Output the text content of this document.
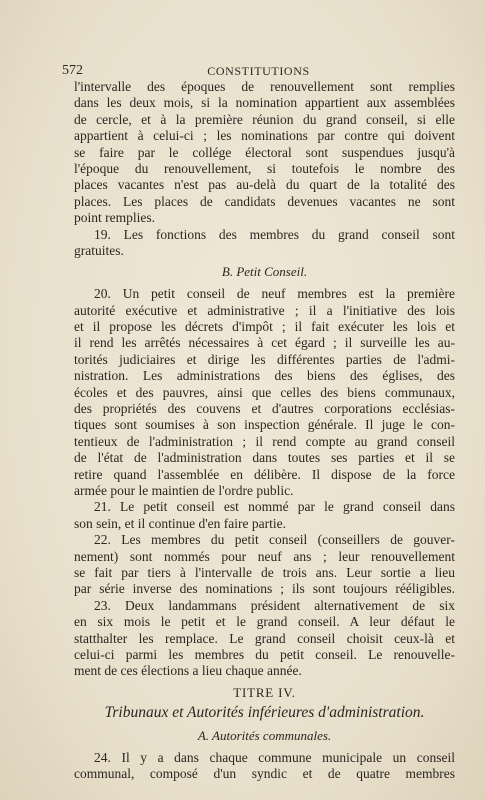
572	CONSTITUTIONS
l'intervalle des époques de renouvellement sont remplies
dans les deux mois, si la nomination appartient aux assemblées
de cercle, et à la première réunion du grand conseil, si elle
appartient à celui-ci ; les nominations par contre qui doivent
se faire par le collége électoral sont suspendues jusqu'à
l'époque du renouvellement, si toutefois le nombre des
places vacantes n'est pas au-delà du quart de la totalité des
places. Les places de candidats devenues vacantes ne sont
point remplies.
19. Les fonctions des membres du grand conseil sont
gratuites.
B. Petit Conseil.
20. Un petit conseil de neuf membres est la première
autorité exécutive et administrative ; il a l'initiative des lois
et il propose les décrets d'impôt ; il fait exécuter les lois et
il rend les arrêtés nécessaires à cet égard ; il surveille les au-
torités judiciaires et dirige les différentes parties de l'admi-
nistration. Les administrations des biens des églises, des
écoles et des pauvres, ainsi que celles des biens communaux,
des propriétés des couvens et d'autres corporations ecclésias-
tiques sont soumises à son inspection générale. Il juge le con-
tentieux de l'administration ; il rend compte au grand conseil
de l'état de l'administration dans toutes ses parties et il se
retire quand l'assemblée en délibère. Il dispose de la force
armée pour le maintien de l'ordre public.
21. Le petit conseil est nommé par le grand conseil dans
son sein, et il continue d'en faire partie.
22. Les membres du petit conseil (conseillers de gouver-
nement) sont nommés pour neuf ans ; leur renouvellement
se fait par tiers à l'intervalle de trois ans. Leur sortie a lieu
par série inverse des nominations ; ils sont toujours rééligibles.
23. Deux landammans président alternativement de six
en six mois le petit et le grand conseil. A leur défaut le
statthalter les remplace. Le grand conseil choisit ceux-là et
celui-ci parmi les membres du petit conseil. Le renouvelle-
ment de ces élections a lieu chaque année.
TITRE IV.
Tribunaux et Autorités inférieures d'administration.
A. Autorités communales.
24. Il y a dans chaque commune municipale un conseil
communal, composé d'un syndic et de quatre membres
